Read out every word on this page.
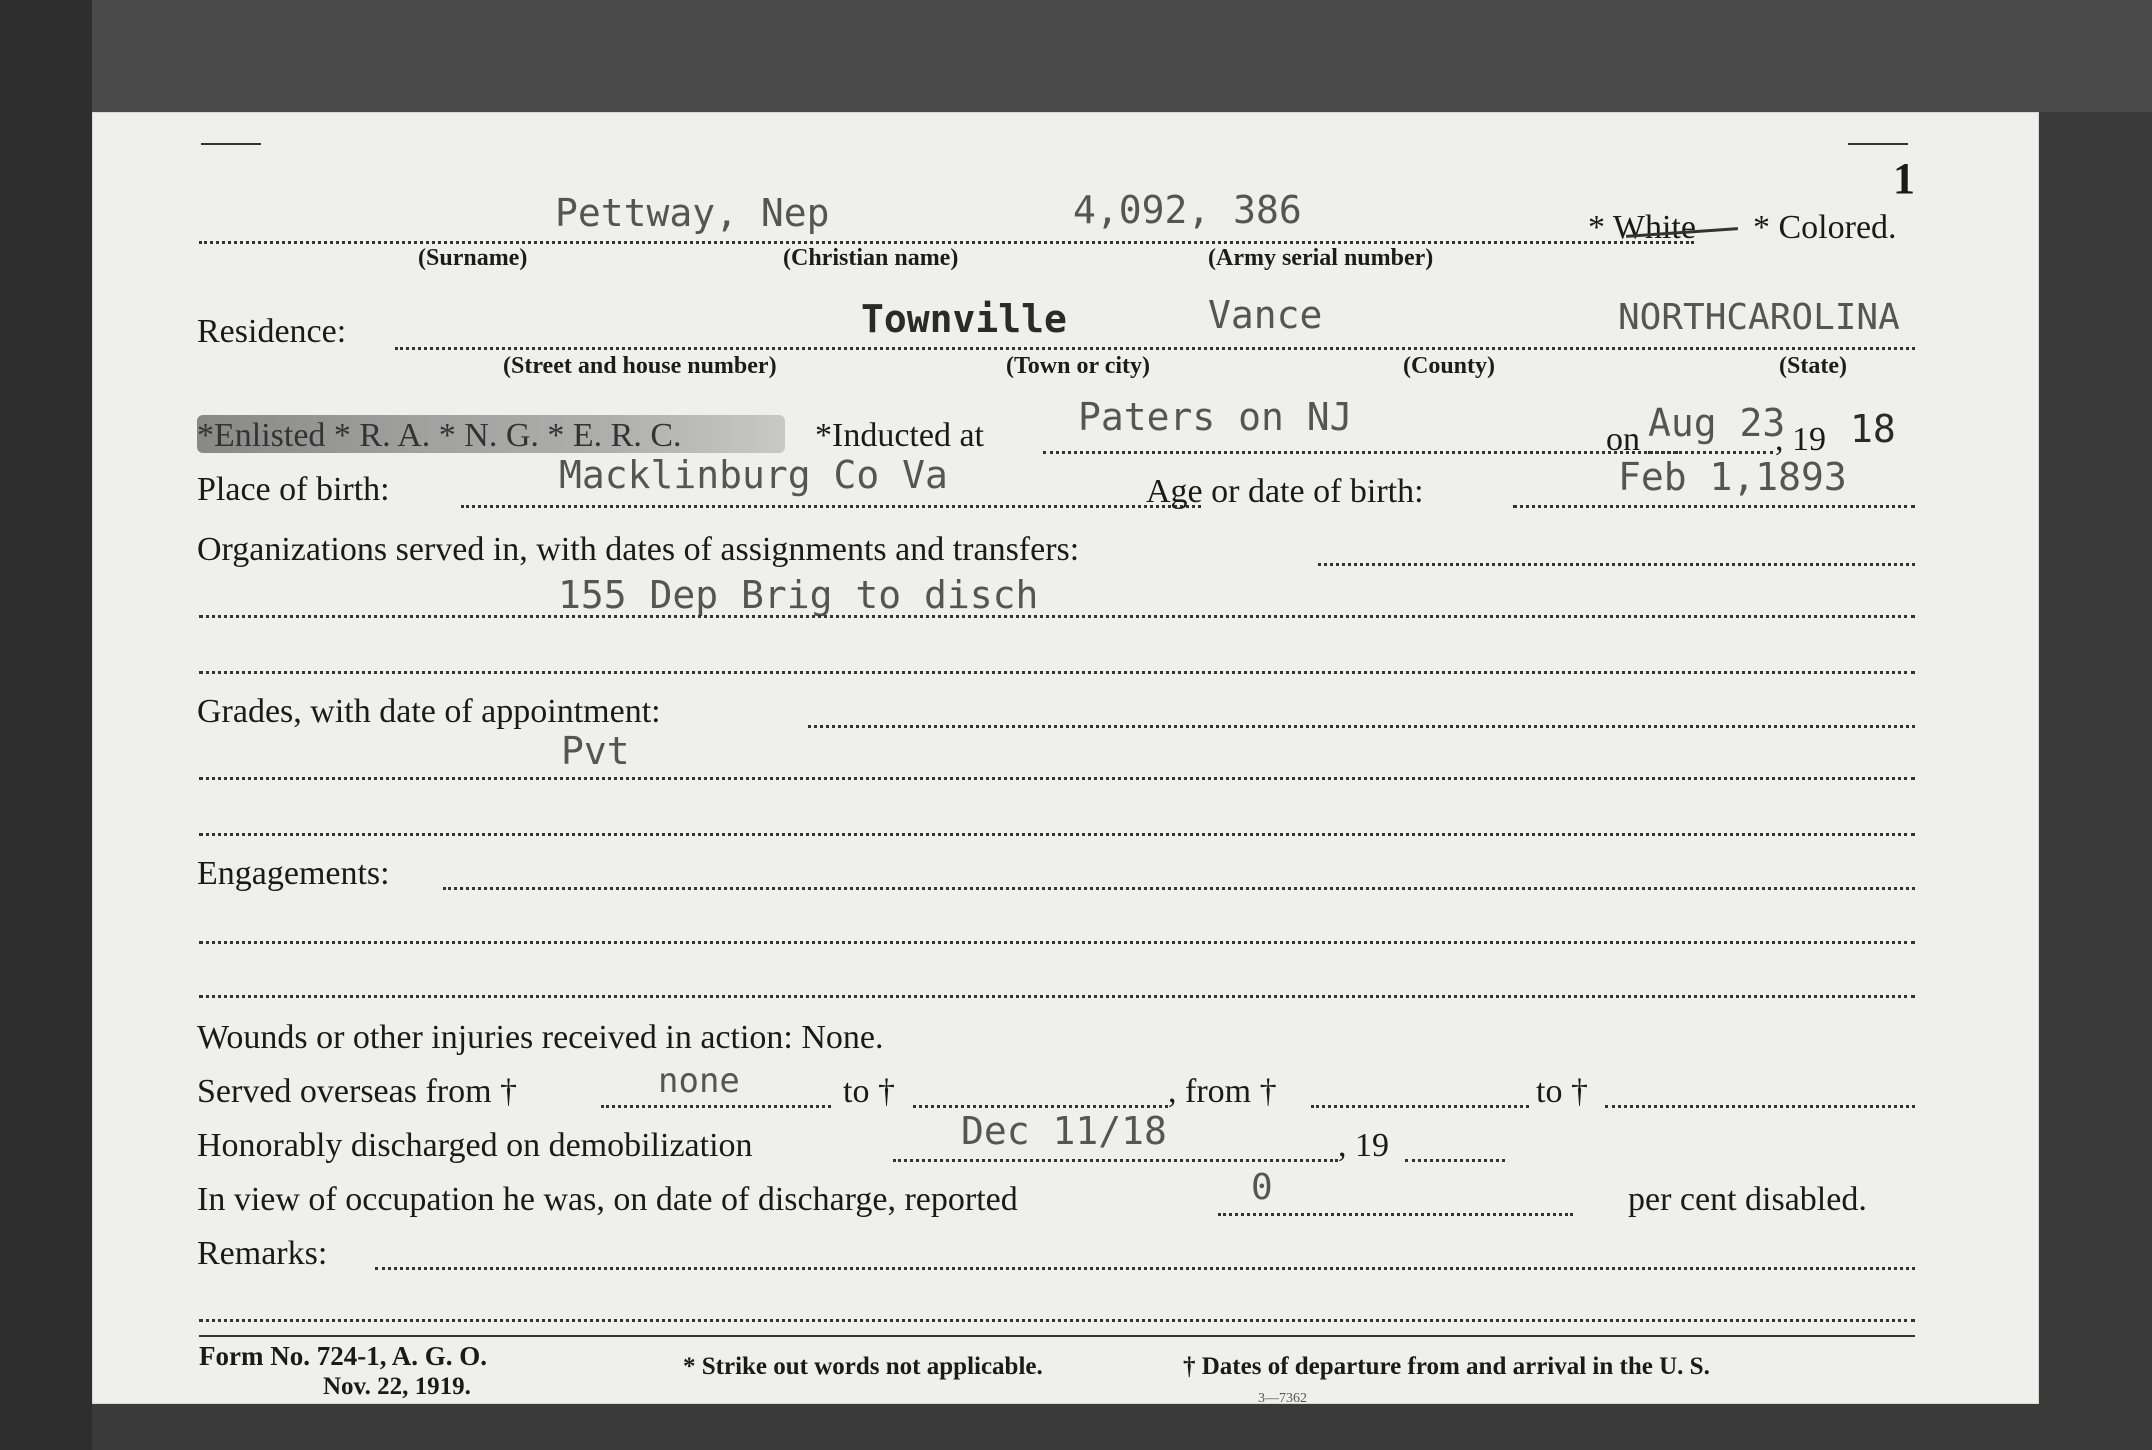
1
Pettway, Nep	4,092, 386	* White * Colored.
(Surname)	(Christian name)	(Army serial number)
Residence:	Townville	Vance	NORTHCAROLINA
(Street and house number)	(Town or city)	(County)	(State)
*Enlisted * R. A. * N. G. * E. R. C.	*Inducted at Paters on NJ
on Aug 23
, 19 18
Place of birth:	Macklinburg Co Va	Age or date of birth:	Feb 1,1893
Organizations served in, with dates of assignments and transfers:
155 Dep Brig to disch
Grades, with date of appointment:
Pvt
Engagements:
Wounds or other injuries received in action: None.
Served overseas from †	none	to †	, from †	to †
Honorably discharged on demobilization	Dec 11/18	, 19
In view of occupation he was, on date of discharge, reported	0	per cent disabled.
Remarks:
Form No. 724-1, A. G. O.
Nov. 22, 1919.
* Strike out words not applicable.	† Dates of departure from and arrival in the U. S.
3—7362
